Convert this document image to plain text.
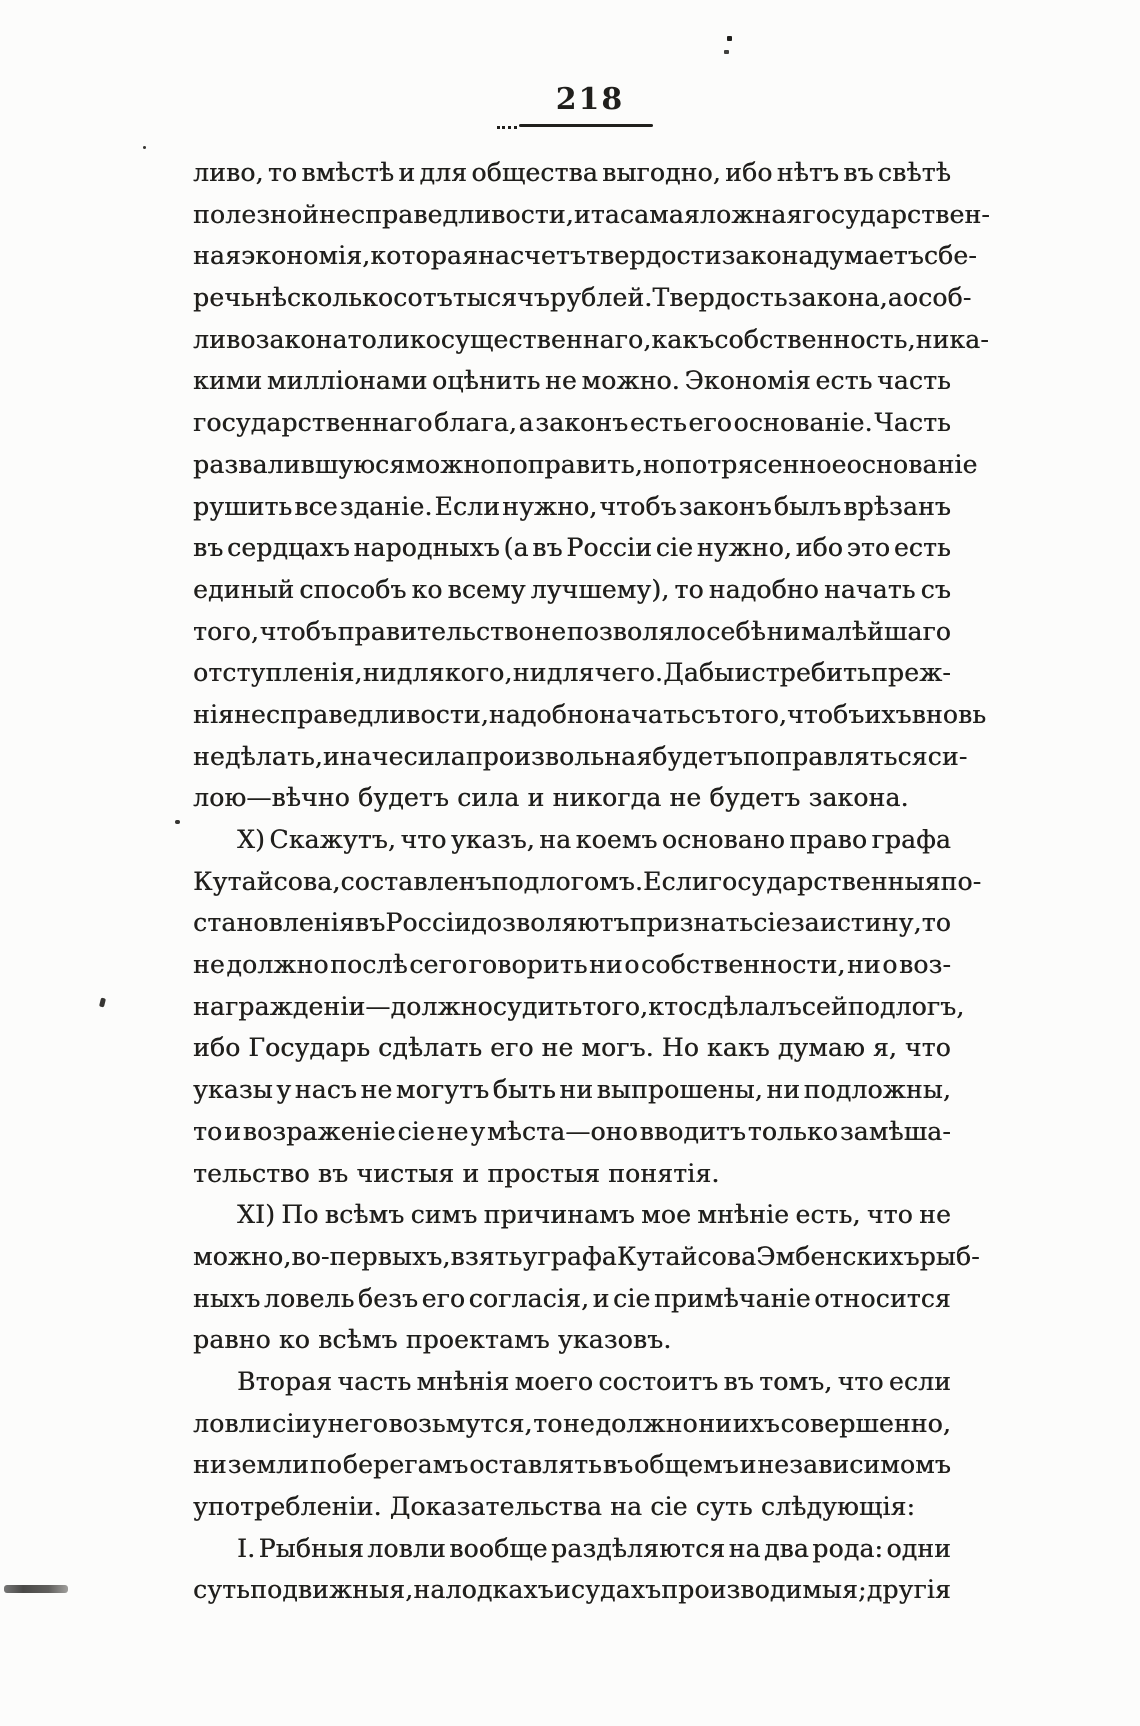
218
ливо, то вмѣстѣ и для общества выгодно, ибо нѣтъ въ свѣтѣ
полезной несправедливости, и та самая ложная государствен-
ная экономія, которая на счетъ твердости закона думаетъ сбе-
речь нѣсколько сотъ тысячъ рублей. Твердость закона, а особ-
ливо закона толико существеннаго, какъ собственность, ника-
кими милліонами оцѣнить не можно. Экономія есть часть
государственнаго блага, а законъ есть его основаніе. Часть
развалившуюся можно поправить, но потрясенное основаніе
рушить все зданіе. Если нужно, чтобъ законъ былъ врѣзанъ
въ сердцахъ народныхъ (а въ Россіи сіе нужно, ибо это есть
единый способъ ко всему лучшему), то надобно начать съ
того, чтобъ правительство не позволяло себѣ ни малѣйшаго
отступленія, ни для кого, ни для чего. Дабы истребить преж-
нія несправедливости, надобно начать съ того, чтобъ ихъ вновь
не дѣлать, иначе сила произвольная будетъ поправляться си-
лою—вѣчно будетъ сила и никогда не будетъ закона.
X) Скажутъ, что указъ, на коемъ основано право графа
Кутайсова, составленъ подлогомъ. Если государственныя по-
становленія въ Россіи дозволяютъ признать сіе за истину, то
не должно послѣ сего говорить ни о собственности, ни о воз-
награжденіи — должно судить того, кто сдѣлалъ сей подлогъ,
ибо Государь сдѣлать его не могъ. Но какъ думаю я, что
указы у насъ не могутъ быть ни выпрошены, ни подложны,
то и возраженіе сіе не у мѣста—оно вводитъ только замѣша-
тельство въ чистыя и простыя понятія.
XI) По всѣмъ симъ причинамъ мое мнѣніе есть, что не
можно, во-первыхъ, взять у графа Кутайсова Эмбенскихъ рыб-
ныхъ ловель безъ его согласія, и сіе примѣчаніе относится
равно ко всѣмъ проектамъ указовъ.
Вторая часть мнѣнія моего состоитъ въ томъ, что если
ловли сіи у него возьмутся, то не должно ни ихъ совершенно,
ни земли по берегамъ оставлять въ общемъ и независимомъ
употребленіи. Доказательства на сіе суть слѣдующія:
I. Рыбныя ловли вообще раздѣляются на два рода: одни
суть подвижныя, на лодкахъ и судахъ производимыя; другія
